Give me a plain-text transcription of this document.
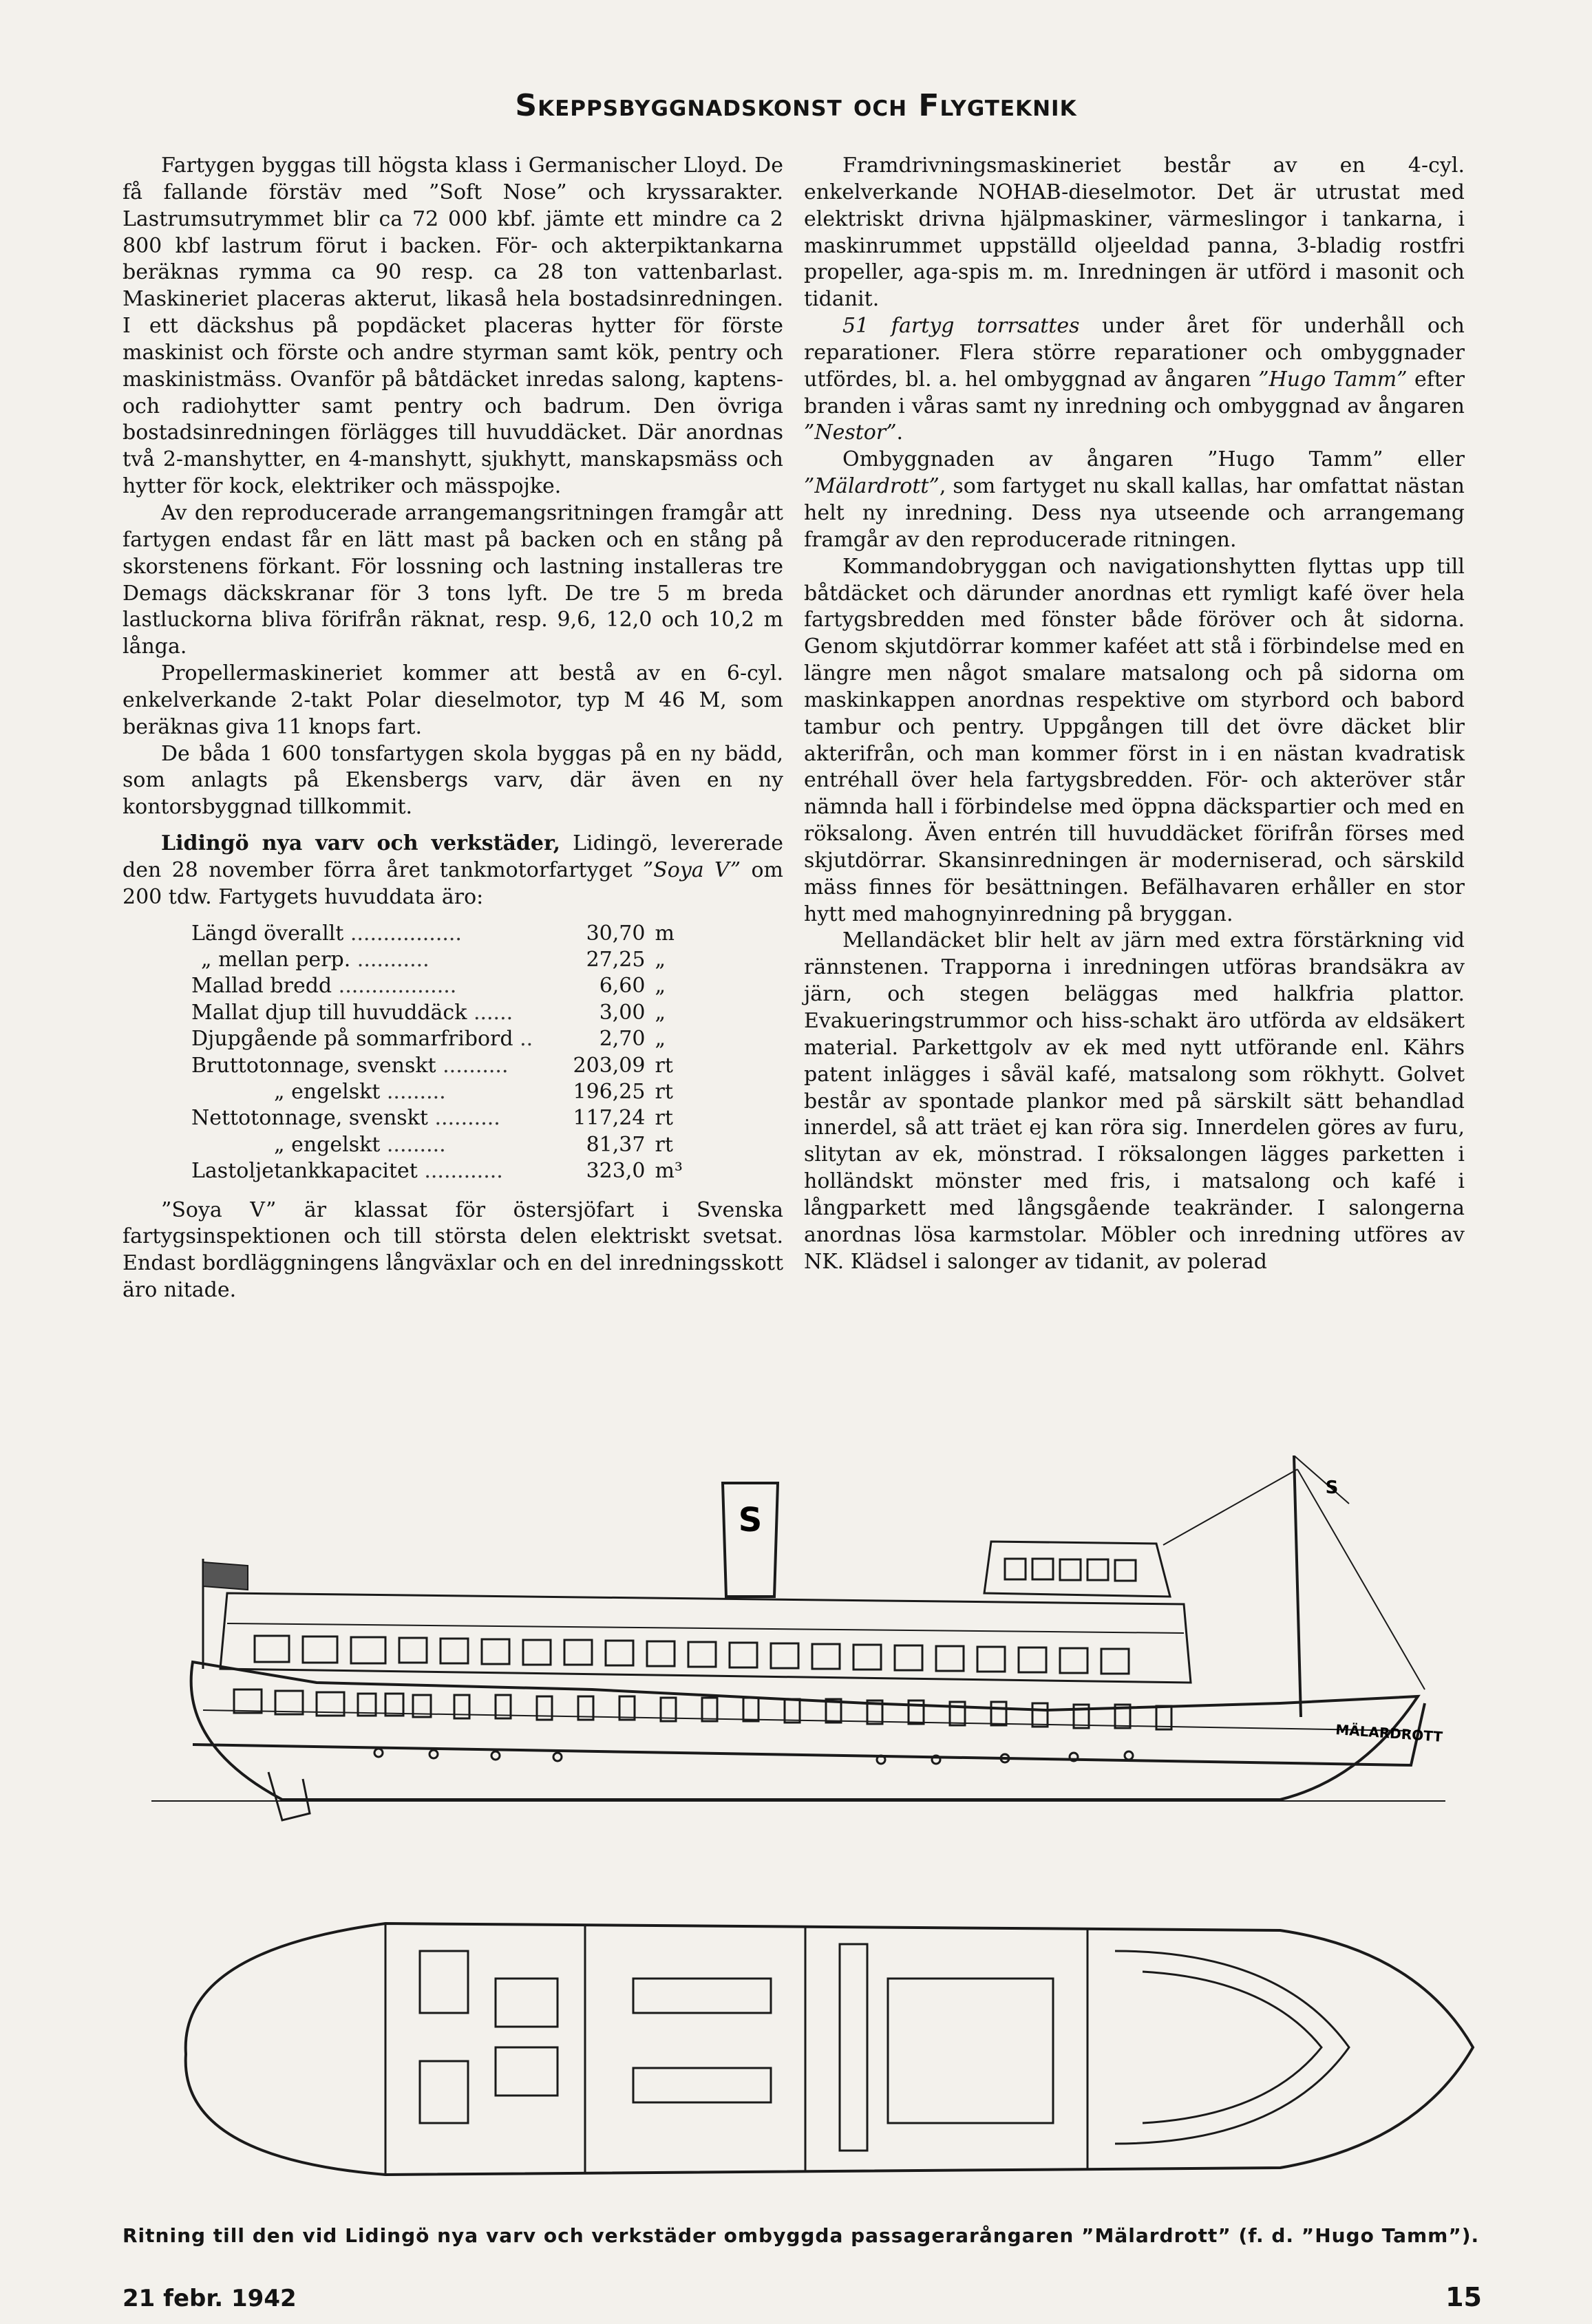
Skeppsbyggnadskonst och Flygteknik

Fartygen byggas till högsta klass i Germanischer Lloyd. De få fallande förstäv med ”Soft Nose” och kryssarakter. Lastrumsutrymmet blir ca 72 000 kbf. jämte ett mindre ca 2 800 kbf lastrum förut i backen. För- och akterpiktankarna beräknas rymma ca 90 resp. ca 28 ton vattenbarlast. Maskineriet placeras akterut, likaså hela bostadsinredningen. I ett däckshus på popdäcket placeras hytter för förste maskinist och förste och andre styrman samt kök, pentry och maskinistmäss. Ovanför på båtdäcket inredas salong, kaptens- och radiohytter samt pentry och badrum. Den övriga bostadsinredningen förlägges till huvuddäcket. Där anordnas två 2-manshytter, en 4-manshytt, sjukhytt, manskapsmäss och hytter för kock, elektriker och mässpojke.

Av den reproducerade arrangemangsritningen framgår att fartygen endast får en lätt mast på backen och en stång på skorstenens förkant. För lossning och lastning installeras tre Demags däckskranar för 3 tons lyft. De tre 5 m breda lastluckorna bliva förifrån räknat, resp. 9,6, 12,0 och 10,2 m långa.

Propellermaskineriet kommer att bestå av en 6-cyl. enkelverkande 2-takt Polar dieselmotor, typ M 46 M, som beräknas giva 11 knops fart.

De båda 1 600 tonsfartygen skola byggas på en ny bädd, som anlagts på Ekensbergs varv, där även en ny kontorsbyggnad tillkommit.

Lidingö nya varv och verkstäder, Lidingö, levererade den 28 november förra året tankmotorfartyget ”Soya V” om 200 tdw. Fartygets huvuddata äro:

Längd överallt .................	30,70	m
„ mellan perp. ...........	27,25	„
Mallad bredd ..................	6,60	„
Mallat djup till huvuddäck ......	3,00	„
Djupgående på sommarfribord ..	2,70	„
Bruttotonnage, svenskt ..........	203,09	rt
„ engelskt .........	196,25	rt
Nettotonnage, svenskt ..........	117,24	rt
„ engelskt .........	81,37	rt
Lastoljetankkapacitet ............	323,0	m³

”Soya V” är klassat för östersjöfart i Svenska fartygsinspektionen och till största delen elektriskt svetsat. Endast bordläggningens långväxlar och en del inredningsskott äro nitade.

Framdrivningsmaskineriet består av en 4-cyl. enkelverkande NOHAB-dieselmotor. Det är utrustat med elektriskt drivna hjälpmaskiner, värmeslingor i tankarna, i maskinrummet uppställd oljeeldad panna, 3-bladig rostfri propeller, aga-spis m. m. Inredningen är utförd i masonit och tidanit.

51 fartyg torrsattes under året för underhåll och reparationer. Flera större reparationer och ombyggnader utfördes, bl. a. hel ombyggnad av ångaren ”Hugo Tamm” efter branden i våras samt ny inredning och ombyggnad av ångaren ”Nestor”.

Ombyggnaden av ångaren ”Hugo Tamm” eller ”Mälardrott”, som fartyget nu skall kallas, har omfattat nästan helt ny inredning. Dess nya utseende och arrangemang framgår av den reproducerade ritningen.

Kommandobryggan och navigationshytten flyttas upp till båtdäcket och därunder anordnas ett rymligt kafé över hela fartygsbredden med fönster både föröver och åt sidorna. Genom skjutdörrar kommer kaféet att stå i förbindelse med en längre men något smalare matsalong och på sidorna om maskinkappen anordnas respektive om styrbord och babord tambur och pentry. Uppgången till det övre däcket blir akterifrån, och man kommer först in i en nästan kvadratisk entréhall över hela fartygsbredden. För- och akteröver står nämnda hall i förbindelse med öppna däckspartier och med en röksalong. Även entrén till huvuddäcket förifrån förses med skjutdörrar. Skansinredningen är moderniserad, och särskild mäss finnes för besättningen. Befälhavaren erhåller en stor hytt med mahognyinredning på bryggan.

Mellandäcket blir helt av järn med extra förstärkning vid rännstenen. Trapporna i inredningen utföras brandsäkra av järn, och stegen beläggas med halkfria plattor. Evakueringstrummor och hiss-schakt äro utförda av eldsäkert material. Parkettgolv av ek med nytt utförande enl. Kährs patent inlägges i såväl kafé, matsalong som rökhytt. Golvet består av spontade plankor med på särskilt sätt behandlad innerdel, så att träet ej kan röra sig. Innerdelen göres av furu, slitytan av ek, mönstrad. I röksalongen lägges parketten i holländskt mönster med fris, i matsalong och kafé i långparkett med långsgående teakränder. I salongerna anordnas lösa karmstolar. Möbler och inredning utföres av NK. Klädsel i salonger av tidanit, av polerad

S
S
MÄLARDROTT
Ritning till den vid Lidingö nya varv och verkstäder ombyggda passagerarångaren ”Mälardrott” (f. d. ”Hugo Tamm”).
21 febr. 1942	15
